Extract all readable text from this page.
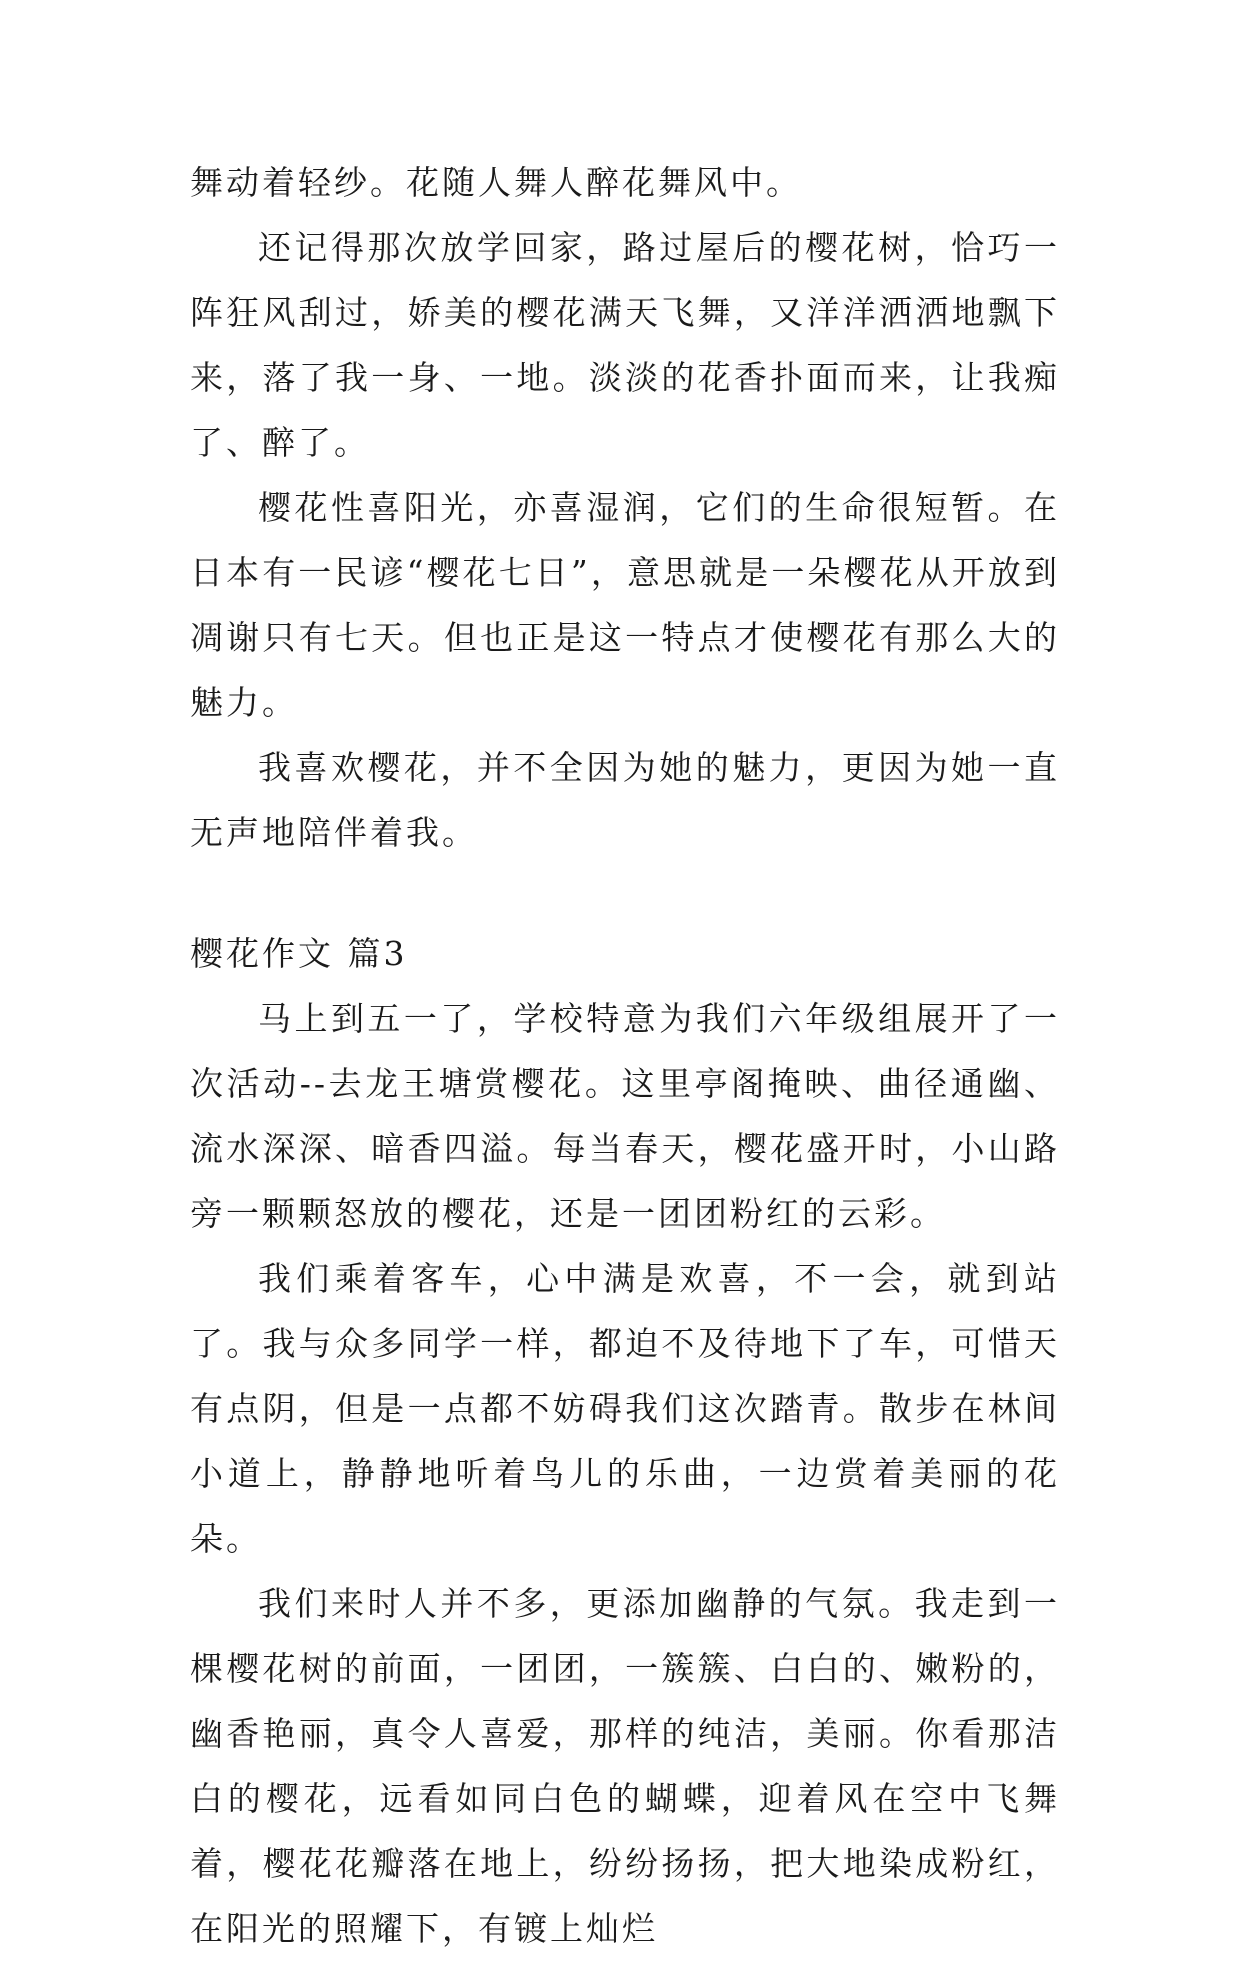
舞动着轻纱。花随人舞人醉花舞风中。

还记得那次放学回家，路过屋后的樱花树，恰巧一阵狂风刮过，娇美的樱花满天飞舞，又洋洋洒洒地飘下来，落了我一身、一地。淡淡的花香扑面而来，让我痴了、醉了。

樱花性喜阳光，亦喜湿润，它们的生命很短暂。在日本有一民谚“樱花七日”，意思就是一朵樱花从开放到凋谢只有七天。但也正是这一特点才使樱花有那么大的魅力。

我喜欢樱花，并不全因为她的魅力，更因为她一直无声地陪伴着我。

樱花作文 篇3

马上到五一了，学校特意为我们六年级组展开了一次活动--去龙王塘赏樱花。这里亭阁掩映、曲径通幽、流水深深、暗香四溢。每当春天，樱花盛开时，小山路旁一颗颗怒放的樱花，还是一团团粉红的云彩。

我们乘着客车，心中满是欢喜，不一会，就到站了。我与众多同学一样，都迫不及待地下了车，可惜天有点阴，但是一点都不妨碍我们这次踏青。散步在林间小道上，静静地听着鸟儿的乐曲，一边赏着美丽的花朵。

我们来时人并不多，更添加幽静的气氛。我走到一棵樱花树的前面，一团团，一簇簇、白白的、嫩粉的，幽香艳丽，真令人喜爱，那样的纯洁，美丽。你看那洁白的樱花，远看如同白色的蝴蝶，迎着风在空中飞舞着，樱花花瓣落在地上，纷纷扬扬，把大地染成粉红，在阳光的照耀下，有镀上灿烂
